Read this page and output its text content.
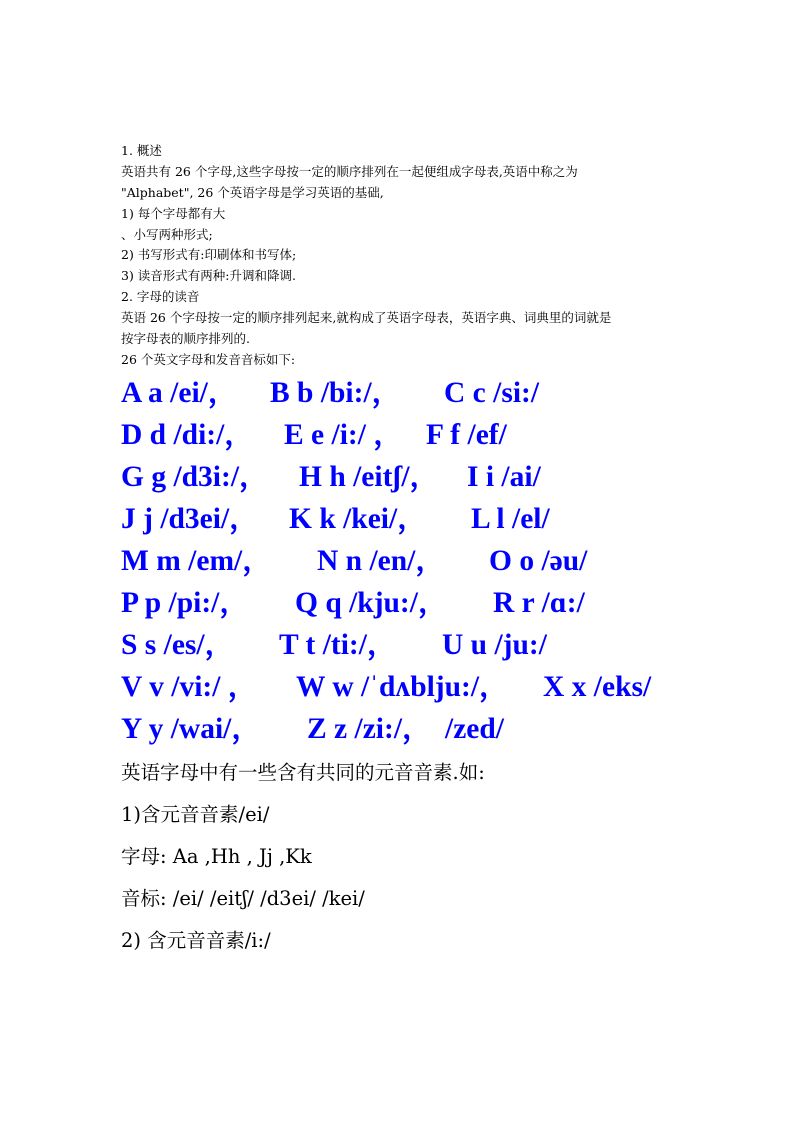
1. 概述
英语共有 26 个字母,这些字母按一定的顺序排列在一起便组成字母表,英语中称之为
"Alphabet", 26 个英语字母是学习英语的基础,
1) 每个字母都有大
、小写两种形式;
2) 书写形式有:印刷体和书写体;
3) 读音形式有两种:升调和降调.
2. 字母的读音
英语 26 个字母按一定的顺序排列起来,就构成了英语字母表，英语字典、词典里的词就是
按字母表的顺序排列的.
26 个英文字母和发音音标如下:
A a /ei/， B b /bi:/， C c /si:/
D d /di:/， E e /i:/ ， F f /ef/
G g /d3i:/， H h /eitʃ/， I i /ai/
J j /d3ei/， K k /kei/， L l /el/
M m /em/， N n /en/， O o /əu/
P p /pi:/， Q q /kju:/， R r /ɑ:/
S s /es/， T t /ti:/， U u /ju:/
V v /vi:/ ， W w /ˈdʌblju:/， X x /eks/
Y y /wai/， Z z /zi:/， /zed/
英语字母中有一些含有共同的元音音素.如:
1)含元音音素/ei/
字母: Aa ,Hh , Jj ,Kk
音标: /ei/ /eitʃ/ /d3ei/ /kei/
2) 含元音音素/i:/
